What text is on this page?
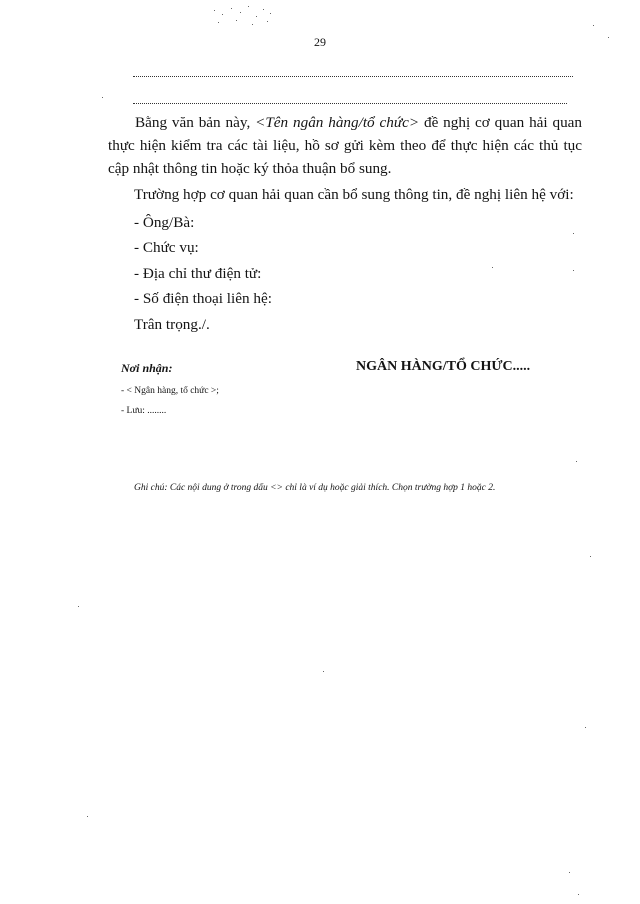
29

Bằng văn bản này, <Tên ngân hàng/tổ chức> đề nghị cơ quan hải quan thực hiện kiểm tra các tài liệu, hồ sơ gửi kèm theo để thực hiện các thủ tục cập nhật thông tin hoặc ký thỏa thuận bổ sung.

Trường hợp cơ quan hải quan cần bổ sung thông tin, đề nghị liên hệ với:
- Ông/Bà:
- Chức vụ:
- Địa chỉ thư điện tử:
- Số điện thoại liên hệ:
Trân trọng./.
Nơi nhận:
- < Ngân hàng, tổ chức >;
- Lưu: ........
NGÂN HÀNG/TỔ CHỨC.....
Ghi chú: Các nội dung ở trong dấu <> chỉ là ví dụ hoặc giải thích. Chọn trường hợp 1 hoặc 2.
